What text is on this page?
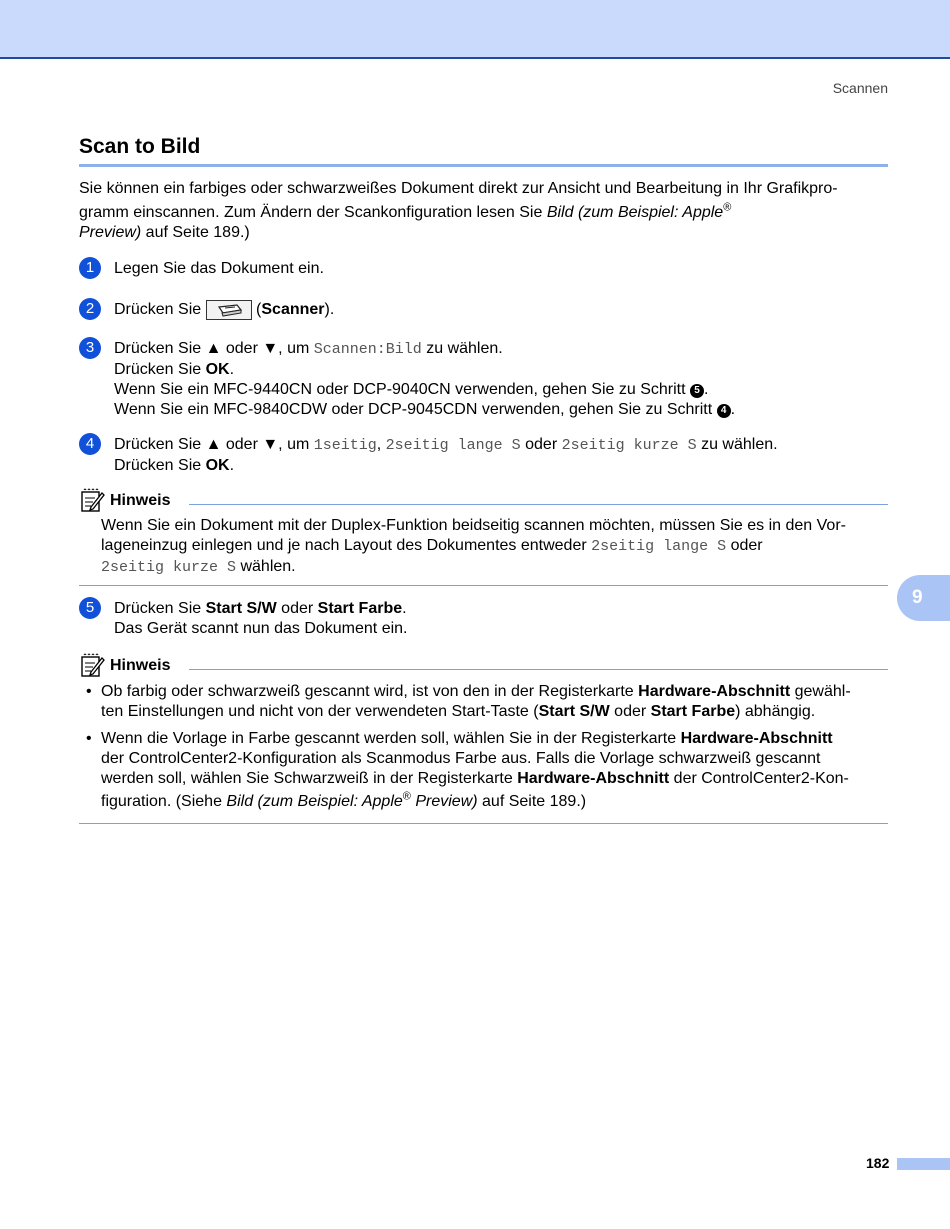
Scannen
Scan to Bild
Sie können ein farbiges oder schwarzweißes Dokument direkt zur Ansicht und Bearbeitung in Ihr Grafikpro-
gramm einscannen. Zum Ändern der Scankonfiguration lesen Sie Bild (zum Beispiel: Apple®
Preview) auf Seite 189.)
1	Legen Sie das Dokument ein.
2	Drücken Sie	(Scanner).
3	Drücken Sie ▲ oder ▼, um Scannen:Bild zu wählen.
Drücken Sie OK.
Wenn Sie ein MFC-9440CN oder DCP-9040CN verwenden, gehen Sie zu Schritt 5 .
Wenn Sie ein MFC-9840CDW oder DCP-9045CDN verwenden, gehen Sie zu Schritt 4 .
4	Drücken Sie ▲ oder ▼, um 1seitig, 2seitig lange S oder 2seitig kurze S zu wählen.
Drücken Sie OK.
Hinweis
Wenn Sie ein Dokument mit der Duplex-Funktion beidseitig scannen möchten, müssen Sie es in den Vor-
lageneinzug einlegen und je nach Layout des Dokumentes entweder 2seitig lange S oder
2seitig kurze S wählen.
5	Drücken Sie Start S/W oder Start Farbe.
Das Gerät scannt nun das Dokument ein.
Hinweis
• Ob farbig oder schwarzweiß gescannt wird, ist von den in der Registerkarte Hardware-Abschnitt gewähl-
ten Einstellungen und nicht von der verwendeten Start-Taste (Start S/W oder Start Farbe) abhängig.
• Wenn die Vorlage in Farbe gescannt werden soll, wählen Sie in der Registerkarte Hardware-Abschnitt
der ControlCenter2-Konfiguration als Scanmodus Farbe aus. Falls die Vorlage schwarzweiß gescannt
werden soll, wählen Sie Schwarzweiß in der Registerkarte Hardware-Abschnitt der ControlCenter2-Kon-
figuration. (Siehe Bild (zum Beispiel: Apple® Preview) auf Seite 189.)
9
182
